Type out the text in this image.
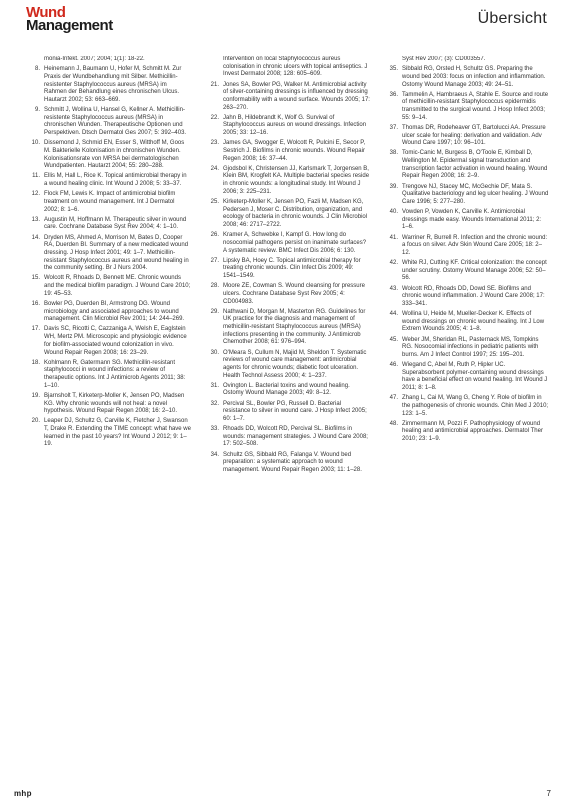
Wund
Management	Übersicht
monia-Infekt. 2007; 2004; 1(1): 18-22.
8. Heinemann J, Baumann U, Hofer M, Schmitt M. Zur Praxis der Wundbehandlung mit Silber. Methicillin-resistenter Staphylococcus aureus (MRSA) im Rahmen der Behandlung eines chronischen Ulcus. Hautarzt 2002; 53: 663–669.
9. Schmitt J, Wollina U, Hansel G, Kellner A. Methicillin-resistente Staphylococcus aureus (MRSA) in chronischen Wunden. Therapeutische Optionen und Perspektiven. Dtsch Dermatol Ges 2007; 5: 392–403.
10. Dissemond J, Schmid EN, Esser S, Witthoff M, Goos M. Bakterielle Kolonisation in chronischen Wunden. Kolonisationsrate von MRSA bei dermatologischen Wundpatienten. Hautarzt 2004; 55: 280–288.
11. Ellis M, Hall L, Rice K. Topical antimicrobial therapy in a wound healing clinic. Int Wound J 2008; 5: 33–37.
12. Flock FM, Lewis K. Impact of antimicrobial biofilm treatment on wound management. Int J Dermatol 2002; 8: 1–6.
13. Augustin M, Hoffmann M. Therapeutic silver in wound care. Cochrane Database Syst Rev 2004; 4: 1–10.
14. Dryden MS, Ahmed A, Morrison M, Bates D, Cooper RA, Duerden BI. Summary of a new medicated wound dressing. J Hosp Infect 2001; 49: 1–7. Methicillin-resistant Staphylococcus aureus and wound healing in the community setting. Br J Nurs 2004.
15. Wolcott R, Rhoads D, Bennett ME. Chronic wounds and the medical biofilm paradigm. J Wound Care 2010; 19: 45–53.
16. Bowler PG, Duerden BI, Armstrong DG. Wound microbiology and associated approaches to wound management. Clin Microbiol Rev 2001; 14: 244–269.
17. Davis SC, Ricotti C, Cazzaniga A, Welsh E, Eaglstein WH, Mertz PM. Microscopic and physiologic evidence for biofilm-associated wound colonization in vivo. Wound Repair Regen 2008; 16: 23–29.
18. Kohlmann R, Gatermann SG. Methicillin-resistant staphylococci in wound infections: a review of therapeutic options. Int J Antimicrob Agents 2011; 38: 1–10.
19. Bjarnsholt T, Kirketerp-Moller K, Jensen PO, Madsen KG. Why chronic wounds will not heal: a novel hypothesis. Wound Repair Regen 2008; 16: 2–10.
20. Leaper DJ, Schultz G, Carville K, Fletcher J, Swanson T, Drake R. Extending the TIME concept: what have we learned in the past 10 years? Int Wound J 2012; 9: 1–19.
Intervention on local Staphylococcus aureus colonisation in chronic ulcers with topical antiseptics. J Invest Dermatol 2008; 128: 605–609.
21. Jones SA, Bowler PG, Walker M. Antimicrobial activity of silver-containing dressings is influenced by dressing conformability with a wound surface. Wounds 2005; 17: 263–270.
22. Jahn B, Hildebrandt K, Wolf G. Survival of Staphylococcus aureus on wound dressings. Infection 2005; 33: 12–16.
23. James GA, Swogger E, Wolcott R, Pulcini E, Secor P, Sestrich J. Biofilms in chronic wounds. Wound Repair Regen 2008; 16: 37–44.
24. Gjodsbol K, Christensen JJ, Karlsmark T, Jorgensen B, Klein BM, Krogfelt KA. Multiple bacterial species reside in chronic wounds: a longitudinal study. Int Wound J 2006; 3: 225–231.
25. Kirketerp-Moller K, Jensen PO, Fazli M, Madsen KG, Pedersen J, Moser C. Distribution, organization, and ecology of bacteria in chronic wounds. J Clin Microbiol 2008; 46: 2717–2722.
26. Kramer A, Schwebke I, Kampf G. How long do nosocomial pathogens persist on inanimate surfaces? A systematic review. BMC Infect Dis 2006; 6: 130.
27. Lipsky BA, Hoey C. Topical antimicrobial therapy for treating chronic wounds. Clin Infect Dis 2009; 49: 1541–1549.
28. Moore ZE, Cowman S. Wound cleansing for pressure ulcers. Cochrane Database Syst Rev 2005; 4: CD004983.
29. Nathwani D, Morgan M, Masterton RG. Guidelines for UK practice for the diagnosis and management of methicillin-resistant Staphylococcus aureus (MRSA) infections presenting in the community. J Antimicrob Chemother 2008; 61: 976–994.
30. O'Meara S, Cullum N, Majid M, Sheldon T. Systematic reviews of wound care management: antimicrobial agents for chronic wounds; diabetic foot ulceration. Health Technol Assess 2000; 4: 1–237.
31. Ovington L. Bacterial toxins and wound healing. Ostomy Wound Manage 2003; 49: 8–12.
32. Percival SL, Bowler PG, Russell D. Bacterial resistance to silver in wound care. J Hosp Infect 2005; 60: 1–7.
33. Rhoads DD, Wolcott RD, Percival SL. Biofilms in wounds: management strategies. J Wound Care 2008; 17: 502–508.
34. Schultz GS, Sibbald RG, Falanga V. Wound bed preparation: a systematic approach to wound management. Wound Repair Regen 2003; 11: 1–28.
Syst Rev 2007; (3): CD003557.
35. Sibbald RG, Orsted H, Schultz GS. Preparing the wound bed 2003: focus on infection and inflammation. Ostomy Wound Manage 2003; 49: 24–51.
36. Tammelin A, Hambraeus A, Stahle E. Source and route of methicillin-resistant Staphylococcus epidermidis transmitted to the surgical wound. J Hosp Infect 2003; 55: 9–14.
37. Thomas DR, Rodeheaver GT, Bartolucci AA. Pressure ulcer scale for healing: derivation and validation. Adv Wound Care 1997; 10: 96–101.
38. Tomic-Canic M, Burgess B, O'Toole E, Kimball D, Wellington M. Epidermal signal transduction and transcription factor activation in wound healing. Wound Repair Regen 2008; 16: 2–9.
39. Trengove NJ, Stacey MC, McGechie DF, Mata S. Qualitative bacteriology and leg ulcer healing. J Wound Care 1996; 5: 277–280.
40. Vowden P, Vowden K, Carville K. Antimicrobial dressings made easy. Wounds International 2011; 2: 1–6.
41. Warriner R, Burrell R. Infection and the chronic wound: a focus on silver. Adv Skin Wound Care 2005; 18: 2–12.
42. White RJ, Cutting KF. Critical colonization: the concept under scrutiny. Ostomy Wound Manage 2006; 52: 50–56.
43. Wolcott RD, Rhoads DD, Dowd SE. Biofilms and chronic wound inflammation. J Wound Care 2008; 17: 333–341.
44. Wollina U, Heide M, Mueller-Decker K. Effects of wound dressings on chronic wound healing. Int J Low Extrem Wounds 2005; 4: 1–8.
45. Weber JM, Sheridan RL, Pasternack MS, Tompkins RG. Nosocomial infections in pediatric patients with burns. Am J Infect Control 1997; 25: 195–201.
46. Wiegand C, Abel M, Ruth P, Hipler UC. Superabsorbent polymer-containing wound dressings have a beneficial effect on wound healing. Int Wound J 2011; 8: 1–8.
47. Zhang L, Cai M, Wang G, Cheng Y. Role of biofilm in the pathogenesis of chronic wounds. Chin Med J 2010; 123: 1–5.
48. Zimmermann M, Pozzi F. Pathophysiology of wound healing and antimicrobial approaches. Dermatol Ther 2010; 23: 1–9.
mhp	7
